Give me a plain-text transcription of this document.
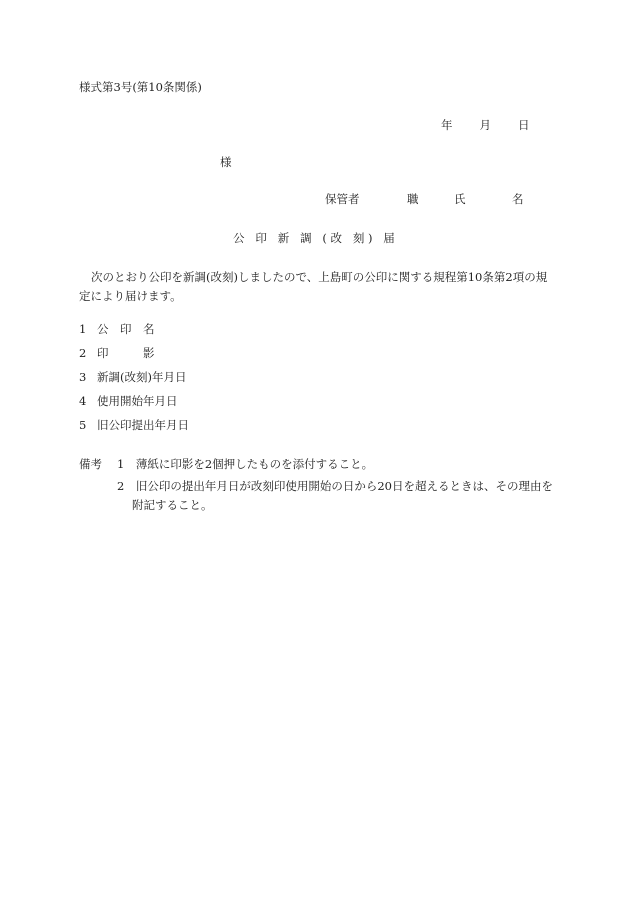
様式第3号(第10条関係)
年 月 日
様
保管者	職	氏	名
公 印 新 調 (改 刻) 届
次のとおり公印を新調(改刻)しましたので、上島町の公印に関する規程第10条第2項の規定により届けます。
1 公　印　名
2 印　　　影
3 新調(改刻)年月日
4 使用開始年月日
5 旧公印提出年月日
備考 1　薄紙に印影を2個押したものを添付すること。
2　旧公印の提出年月日が改刻印使用開始の日から20日を超えるときは、その理由を附記すること。
